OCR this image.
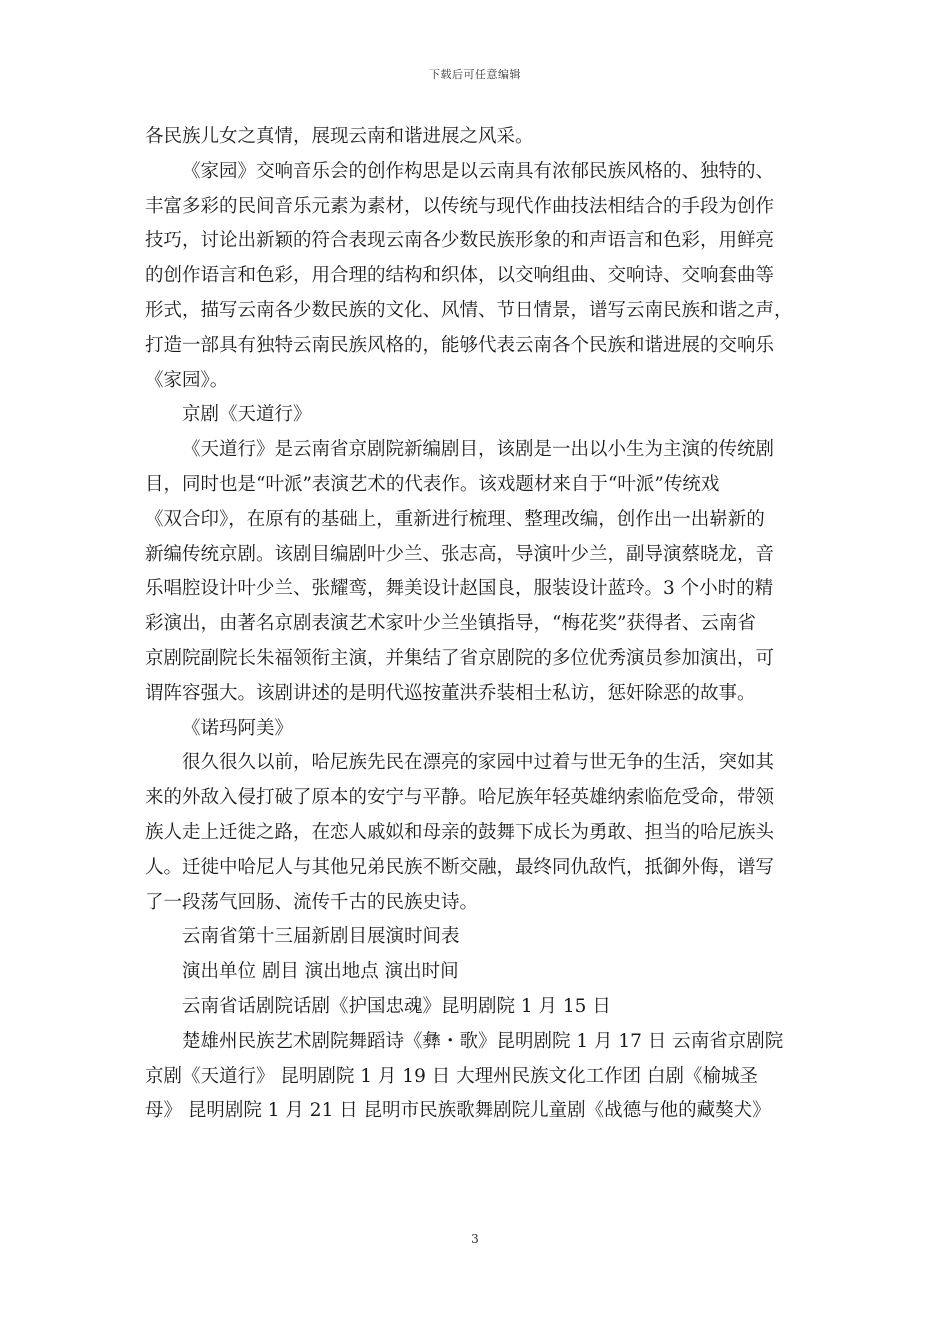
下载后可任意编辑
各民族儿女之真情，展现云南和谐进展之风采。
《家园》交响音乐会的创作构思是以云南具有浓郁民族风格的、独特的、
丰富多彩的民间音乐元素为素材，以传统与现代作曲技法相结合的手段为创作
技巧，讨论出新颖的符合表现云南各少数民族形象的和声语言和色彩，用鲜亮
的创作语言和色彩，用合理的结构和织体，以交响组曲、交响诗、交响套曲等
形式，描写云南各少数民族的文化、风情、节日情景，谱写云南民族和谐之声，
打造一部具有独特云南民族风格的，能够代表云南各个民族和谐进展的交响乐
《家园》。
京剧《天道行》
《天道行》是云南省京剧院新编剧目，该剧是一出以小生为主演的传统剧
目，同时也是“叶派”表演艺术的代表作。该戏题材来自于“叶派”传统戏
《双合印》，在原有的基础上，重新进行梳理、整理改编，创作出一出崭新的
新编传统京剧。该剧目编剧叶少兰、张志高，导演叶少兰，副导演蔡晓龙，音
乐唱腔设计叶少兰、张耀鸾，舞美设计赵国良，服装设计蓝玲。3 个小时的精
彩演出，由著名京剧表演艺术家叶少兰坐镇指导，“梅花奖”获得者、云南省
京剧院副院长朱福领衔主演，并集结了省京剧院的多位优秀演员参加演出，可
谓阵容强大。该剧讲述的是明代巡按董洪乔装相士私访，惩奸除恶的故事。
《诺玛阿美》
很久很久以前，哈尼族先民在漂亮的家园中过着与世无争的生活，突如其
来的外敌入侵打破了原本的安宁与平静。哈尼族年轻英雄纳索临危受命，带领
族人走上迁徙之路，在恋人戚姒和母亲的鼓舞下成长为勇敢、担当的哈尼族头
人。迁徙中哈尼人与其他兄弟民族不断交融，最终同仇敌忾，抵御外侮，谱写
了一段荡气回肠、流传千古的民族史诗。
云南省第十三届新剧目展演时间表
演出单位 剧目 演出地点 演出时间
云南省话剧院话剧《护国忠魂》昆明剧院 1 月 15 日
楚雄州民族艺术剧院舞蹈诗《彝・歌》昆明剧院 1 月 17 日 云南省京剧院
京剧《天道行》 昆明剧院 1 月 19 日 大理州民族文化工作团 白剧《榆城圣
母》 昆明剧院 1 月 21 日 昆明市民族歌舞剧院儿童剧《战德与他的藏獒犬》
3
